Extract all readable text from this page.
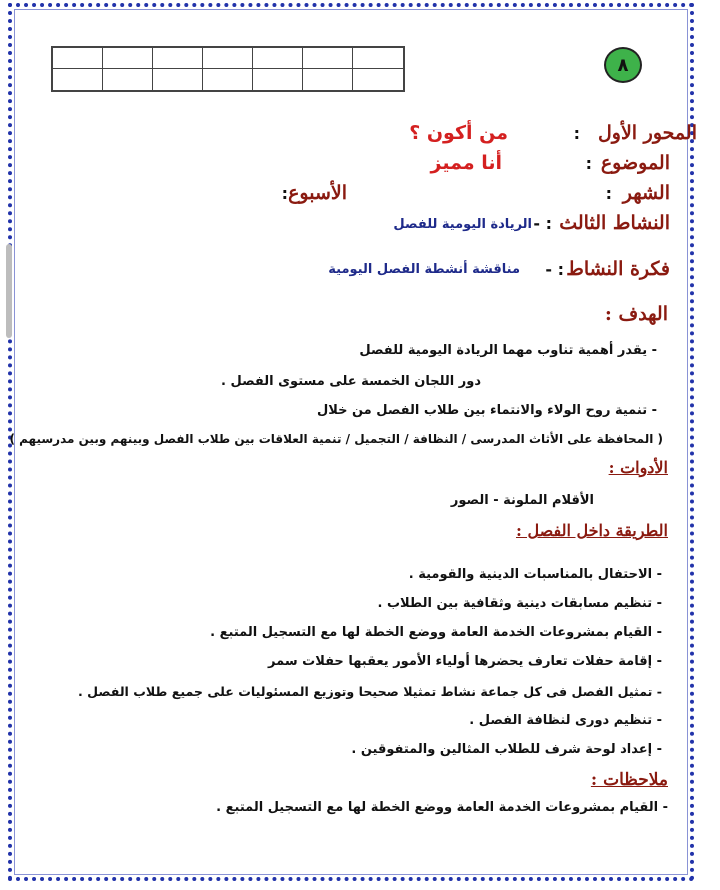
٨
المحور الأول
:
من أكون ؟
الموضوع
:
أنا مميز
الشهر
:
الأسبوع
:
النشاط الثالث
: -
الريادة اليومية للفصل
فكرة النشاط
: -
مناقشة أنشطة الفصل اليومية
الهدف :
- يقدر أهمية تناوب مهما الريادة اليومية للفصل
دور اللجان الخمسة على مستوى الفصل .
- تنمية روح الولاء والانتماء بين طلاب الفصل من خلال
( المحافظة على الأثاث المدرسى / النظافة / التجميل / تنمية العلاقات بين طلاب الفصل وبينهم وبين مدرسيهم )
الأدوات :
الأقلام الملونة - الصور
الطريقة داخل الفصل :
- الاحتفال بالمناسبات الدينية والقومية .
- تنظيم مسابقات دينية وثقافية بين الطلاب .
- القيام بمشروعات الخدمة العامة ووضع الخطة لها مع التسجيل المتبع .
- إقامة حفلات تعارف يحضرها أولياء الأمور يعقبها حفلات سمر
- تمثيل الفصل فى كل جماعة نشاط تمثيلا صحيحا وتوزيع المسئوليات على جميع طلاب الفصل .
- تنظيم دورى لنظافة الفصل .
- إعداد لوحة شرف للطلاب المثالين والمتفوقين .
ملاحظات :
- القيام بمشروعات الخدمة العامة ووضع الخطة لها مع التسجيل المتبع .
